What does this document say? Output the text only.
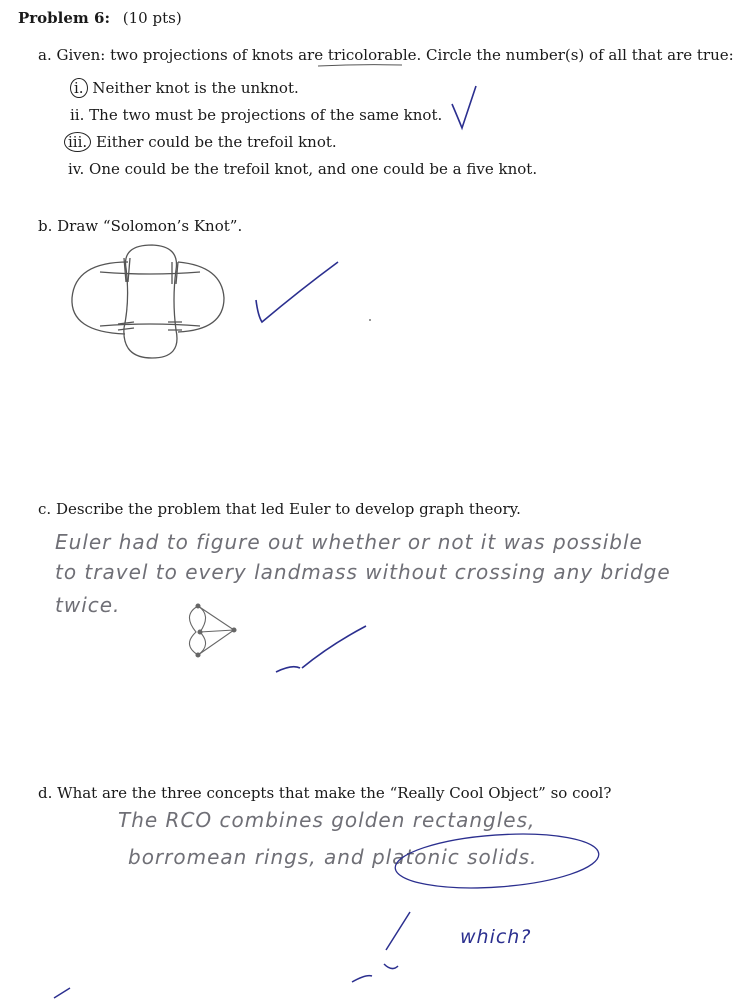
Problem 6: (10 pts)
a. Given: two projections of knots are tricolorable. Circle the number(s) of all that are true:
i. Neither knot is the unknot.
ii. The two must be projections of the same knot.
iii. Either could be the trefoil knot.
iv. One could be the trefoil knot, and one could be a five knot.
b. Draw “Solomon’s Knot”.
c. Describe the problem that led Euler to develop graph theory.
Euler had to figure out whether or not it was possible
to travel to every landmass without crossing any bridge
twice.
d. What are the three concepts that make the “Really Cool Object” so cool?
The RCO combines golden rectangles,
borromean rings, and platonic solids.
which?
